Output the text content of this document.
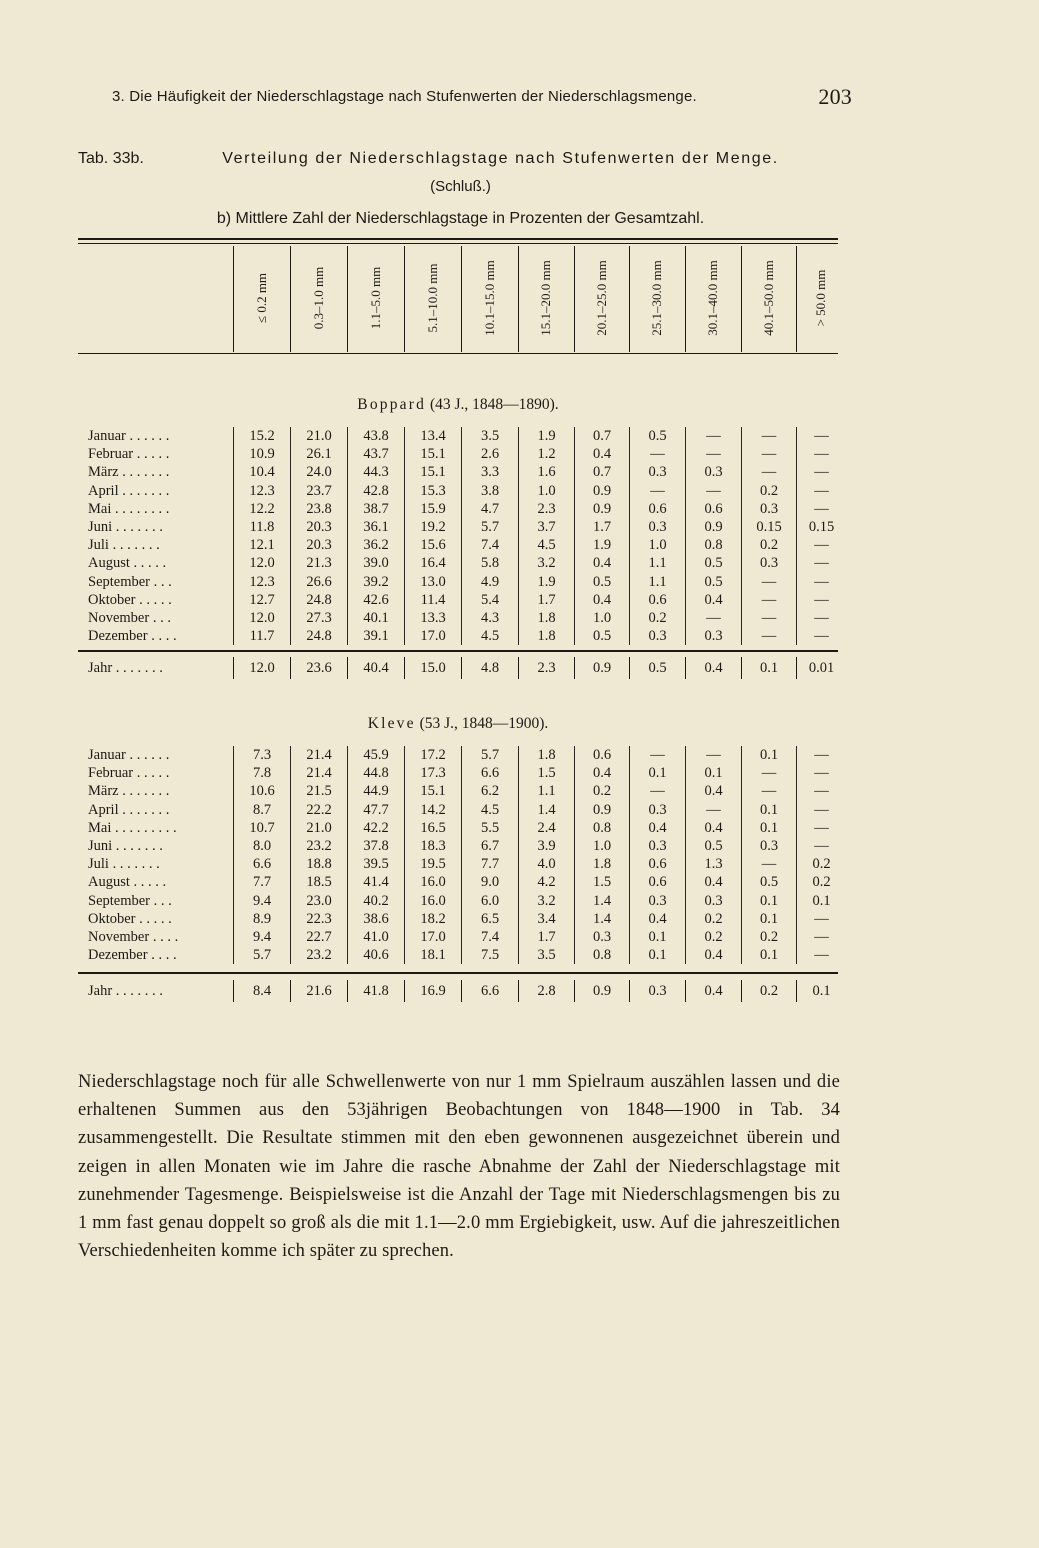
3. Die Häufigkeit der Niederschlagstage nach Stufenwerten der Niederschlagsmenge.	203
Tab. 33b.	Verteilung der Niederschlagstage nach Stufenwerten der Menge.
(Schluß.)
b) Mittlere Zahl der Niederschlagstage in Prozenten der Gesamtzahl.
≤ 0.2 mm	0.3–1.0 mm	1.1–5.0 mm	5.1–10.0 mm	10.1–15.0 mm	15.1–20.0 mm	20.1–25.0 mm	25.1–30.0 mm	30.1–40.0 mm	40.1–50.0 mm	> 50.0 mm
Boppard (43 J., 1848—1890).
Januar . . . . . .	15.2	21.0	43.8	13.4	3.5	1.9	0.7	0.5	—	—	—
Februar . . . . .	10.9	26.1	43.7	15.1	2.6	1.2	0.4	—	—	—	—
März . . . . . . .	10.4	24.0	44.3	15.1	3.3	1.6	0.7	0.3	0.3	—	—
April . . . . . . .	12.3	23.7	42.8	15.3	3.8	1.0	0.9	—	—	0.2	—
Mai . . . . . . . .	12.2	23.8	38.7	15.9	4.7	2.3	0.9	0.6	0.6	0.3	—
Juni . . . . . . .	11.8	20.3	36.1	19.2	5.7	3.7	1.7	0.3	0.9	0.15	0.15
Juli . . . . . . .	12.1	20.3	36.2	15.6	7.4	4.5	1.9	1.0	0.8	0.2	—
August . . . . .	12.0	21.3	39.0	16.4	5.8	3.2	0.4	1.1	0.5	0.3	—
September . . .	12.3	26.6	39.2	13.0	4.9	1.9	0.5	1.1	0.5	—	—
Oktober . . . . .	12.7	24.8	42.6	11.4	5.4	1.7	0.4	0.6	0.4	—	—
November . . .	12.0	27.3	40.1	13.3	4.3	1.8	1.0	0.2	—	—	—
Dezember . . . .	11.7	24.8	39.1	17.0	4.5	1.8	0.5	0.3	0.3	—	—
Jahr . . . . . . .	12.0	23.6	40.4	15.0	4.8	2.3	0.9	0.5	0.4	0.1	0.01
Kleve (53 J., 1848—1900).
Januar . . . . . .	7.3	21.4	45.9	17.2	5.7	1.8	0.6	—	—	0.1	—
Februar . . . . .	7.8	21.4	44.8	17.3	6.6	1.5	0.4	0.1	0.1	—	—
März . . . . . . .	10.6	21.5	44.9	15.1	6.2	1.1	0.2	—	0.4	—	—
April . . . . . . .	8.7	22.2	47.7	14.2	4.5	1.4	0.9	0.3	—	0.1	—
Mai . . . . . . . . .	10.7	21.0	42.2	16.5	5.5	2.4	0.8	0.4	0.4	0.1	—
Juni . . . . . . .	8.0	23.2	37.8	18.3	6.7	3.9	1.0	0.3	0.5	0.3	—
Juli . . . . . . .	6.6	18.8	39.5	19.5	7.7	4.0	1.8	0.6	1.3	—	0.2
August . . . . .	7.7	18.5	41.4	16.0	9.0	4.2	1.5	0.6	0.4	0.5	0.2
September . . .	9.4	23.0	40.2	16.0	6.0	3.2	1.4	0.3	0.3	0.1	0.1
Oktober . . . . .	8.9	22.3	38.6	18.2	6.5	3.4	1.4	0.4	0.2	0.1	—
November . . . .	9.4	22.7	41.0	17.0	7.4	1.7	0.3	0.1	0.2	0.2	—
Dezember . . . .	5.7	23.2	40.6	18.1	7.5	3.5	0.8	0.1	0.4	0.1	—
Jahr . . . . . . .	8.4	21.6	41.8	16.9	6.6	2.8	0.9	0.3	0.4	0.2	0.1
Niederschlagstage noch für alle Schwellenwerte von nur 1 mm Spielraum auszählen lassen und die erhaltenen Summen aus den 53jährigen Beobachtungen von 1848—1900 in Tab. 34 zusammengestellt. Die Resultate stimmen mit den eben gewonnenen ausgezeichnet überein und zeigen in allen Monaten wie im Jahre die rasche Abnahme der Zahl der Niederschlagstage mit zunehmender Tagesmenge. Beispielsweise ist die Anzahl der Tage mit Niederschlagsmengen bis zu 1 mm fast genau doppelt so groß als die mit 1.1—2.0 mm Ergiebigkeit, usw. Auf die jahreszeitlichen Verschiedenheiten komme ich später zu sprechen.
